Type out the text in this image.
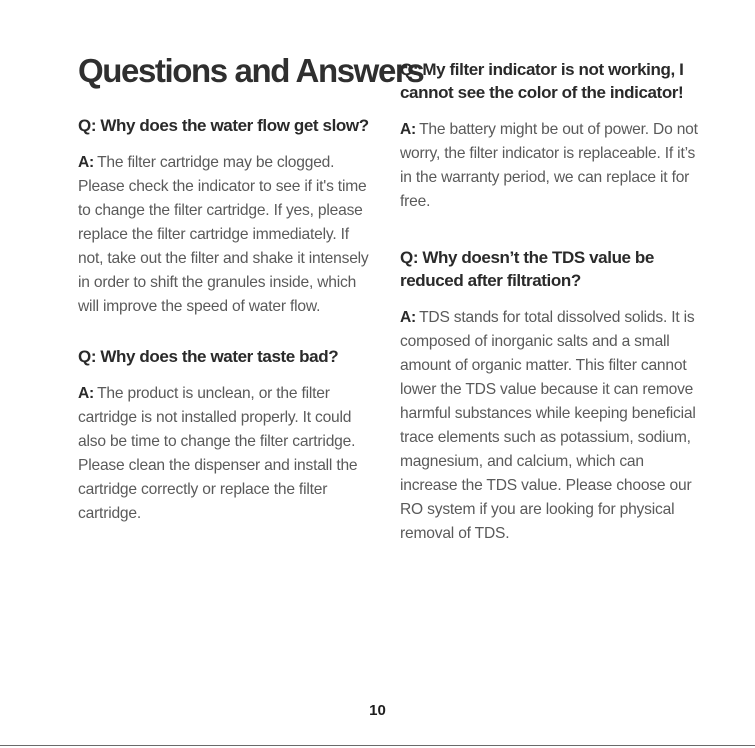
Questions and Answers

Q: Why does the water flow get slow?

A: The filter cartridge may be clogged. Please check the indicator to see if it's time to change the filter cartridge. If yes, please replace the filter cartridge immediately. If not, take out the filter and shake it intensely in order to shift the granules inside, which will improve the speed of water flow.

Q: Why does the water taste bad?

A: The product is unclean, or the filter cartridge is not installed properly. It could also be time to change the filter cartridge. Please clean the dispenser and install the cartridge correctly or replace the filter cartridge.

Q: My filter indicator is not working, I cannot see the color of the indicator!

A: The battery might be out of power. Do not worry, the filter indicator is replaceable. If it’s in the warranty period, we can replace it for free.

Q: Why doesn’t the TDS value be reduced after filtration?

A: TDS stands for total dissolved solids. It is composed of inorganic salts and a small amount of organic matter. This filter cannot lower the TDS value because it can remove harmful substances while keeping beneficial trace elements such as potassium, sodium, magnesium, and calcium, which can increase the TDS value. Please choose our RO system if you are looking for physical removal of TDS.

10
